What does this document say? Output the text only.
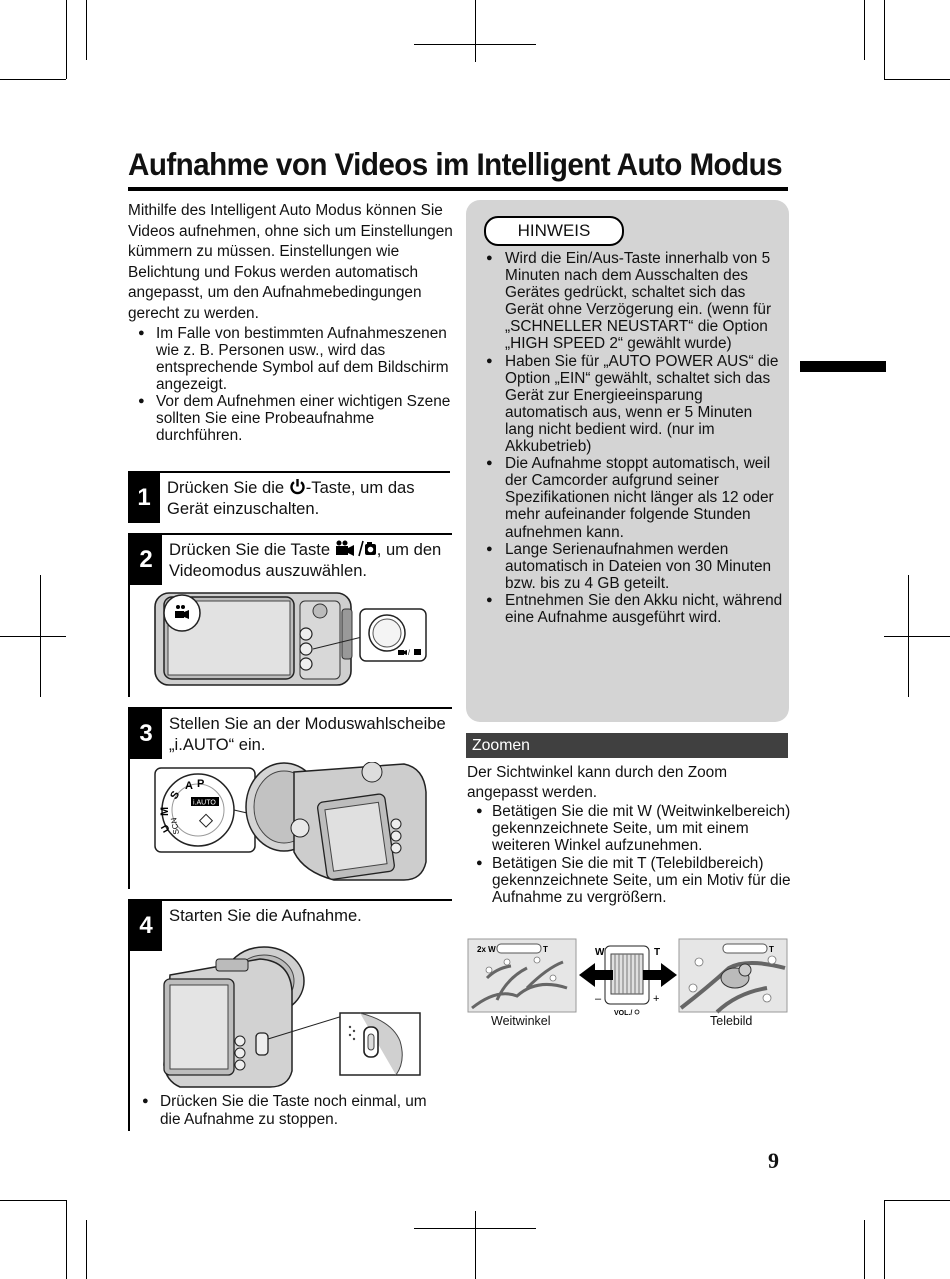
Aufnahme von Videos im Intelligent Auto Modus

Mithilfe des Intelligent Auto Modus können Sie Videos aufnehmen, ohne sich um Einstellungen kümmern zu müssen. Einstellungen wie Belichtung und Fokus werden automatisch angepasst, um den Aufnahmebedingungen gerecht zu werden.

● Im Falle von bestimmten Aufnahmeszenen wie z. B. Personen usw., wird das entsprechende Symbol auf dem Bildschirm angezeigt.
● Vor dem Aufnehmen einer wichtigen Szene sollten Sie eine Probeaufnahme durchführen.
1 Drücken Sie die -Taste, um das Gerät einzuschalten.
2 Drücken Sie die Taste	, um den Videomodus auszuwählen.
/
3 Stellen Sie an der Moduswahlscheibe „i.AUTO“ ein.
S
M
A P
i.AUTO
SCN
U
4 Starten Sie die Aufnahme.
● Drücken Sie die Taste noch einmal, um die Aufnahme zu stoppen.
HINWEIS
● Wird die Ein/Aus-Taste innerhalb von 5 Minuten nach dem Ausschalten des Gerätes gedrückt, schaltet sich das Gerät ohne Verzögerung ein. (wenn für „SCHNELLER NEUSTART“ die Option „HIGH SPEED 2“ gewählt wurde)
● Haben Sie für „AUTO POWER AUS“ die Option „EIN“ gewählt, schaltet sich das Gerät zur Energieeinsparung automatisch aus, wenn er 5 Minuten lang nicht bedient wird. (nur im Akkubetrieb)
● Die Aufnahme stoppt automatisch, weil der Camcorder aufgrund seiner Spezifikationen nicht länger als 12 oder mehr aufeinander folgende Stunden aufnehmen kann.
● Lange Serienaufnahmen werden automatisch in Dateien von 30 Minuten bzw. bis zu 4 GB geteilt.
● Entnehmen Sie den Akku nicht, während eine Aufnahme ausgeführt wird.
Zoomen

Der Sichtwinkel kann durch den Zoom angepasst werden.

● Betätigen Sie die mit W (Weitwinkelbereich) gekennzeichnete Seite, um mit einem weiteren Winkel aufzunehmen.
● Betätigen Sie die mit T (Telebildbereich) gekennzeichnete Seite, um ein Motiv für die Aufnahme zu vergrößern.
2x W	T	T
W	T
–	+
VOL./
Weitwinkel	Telebild
9
